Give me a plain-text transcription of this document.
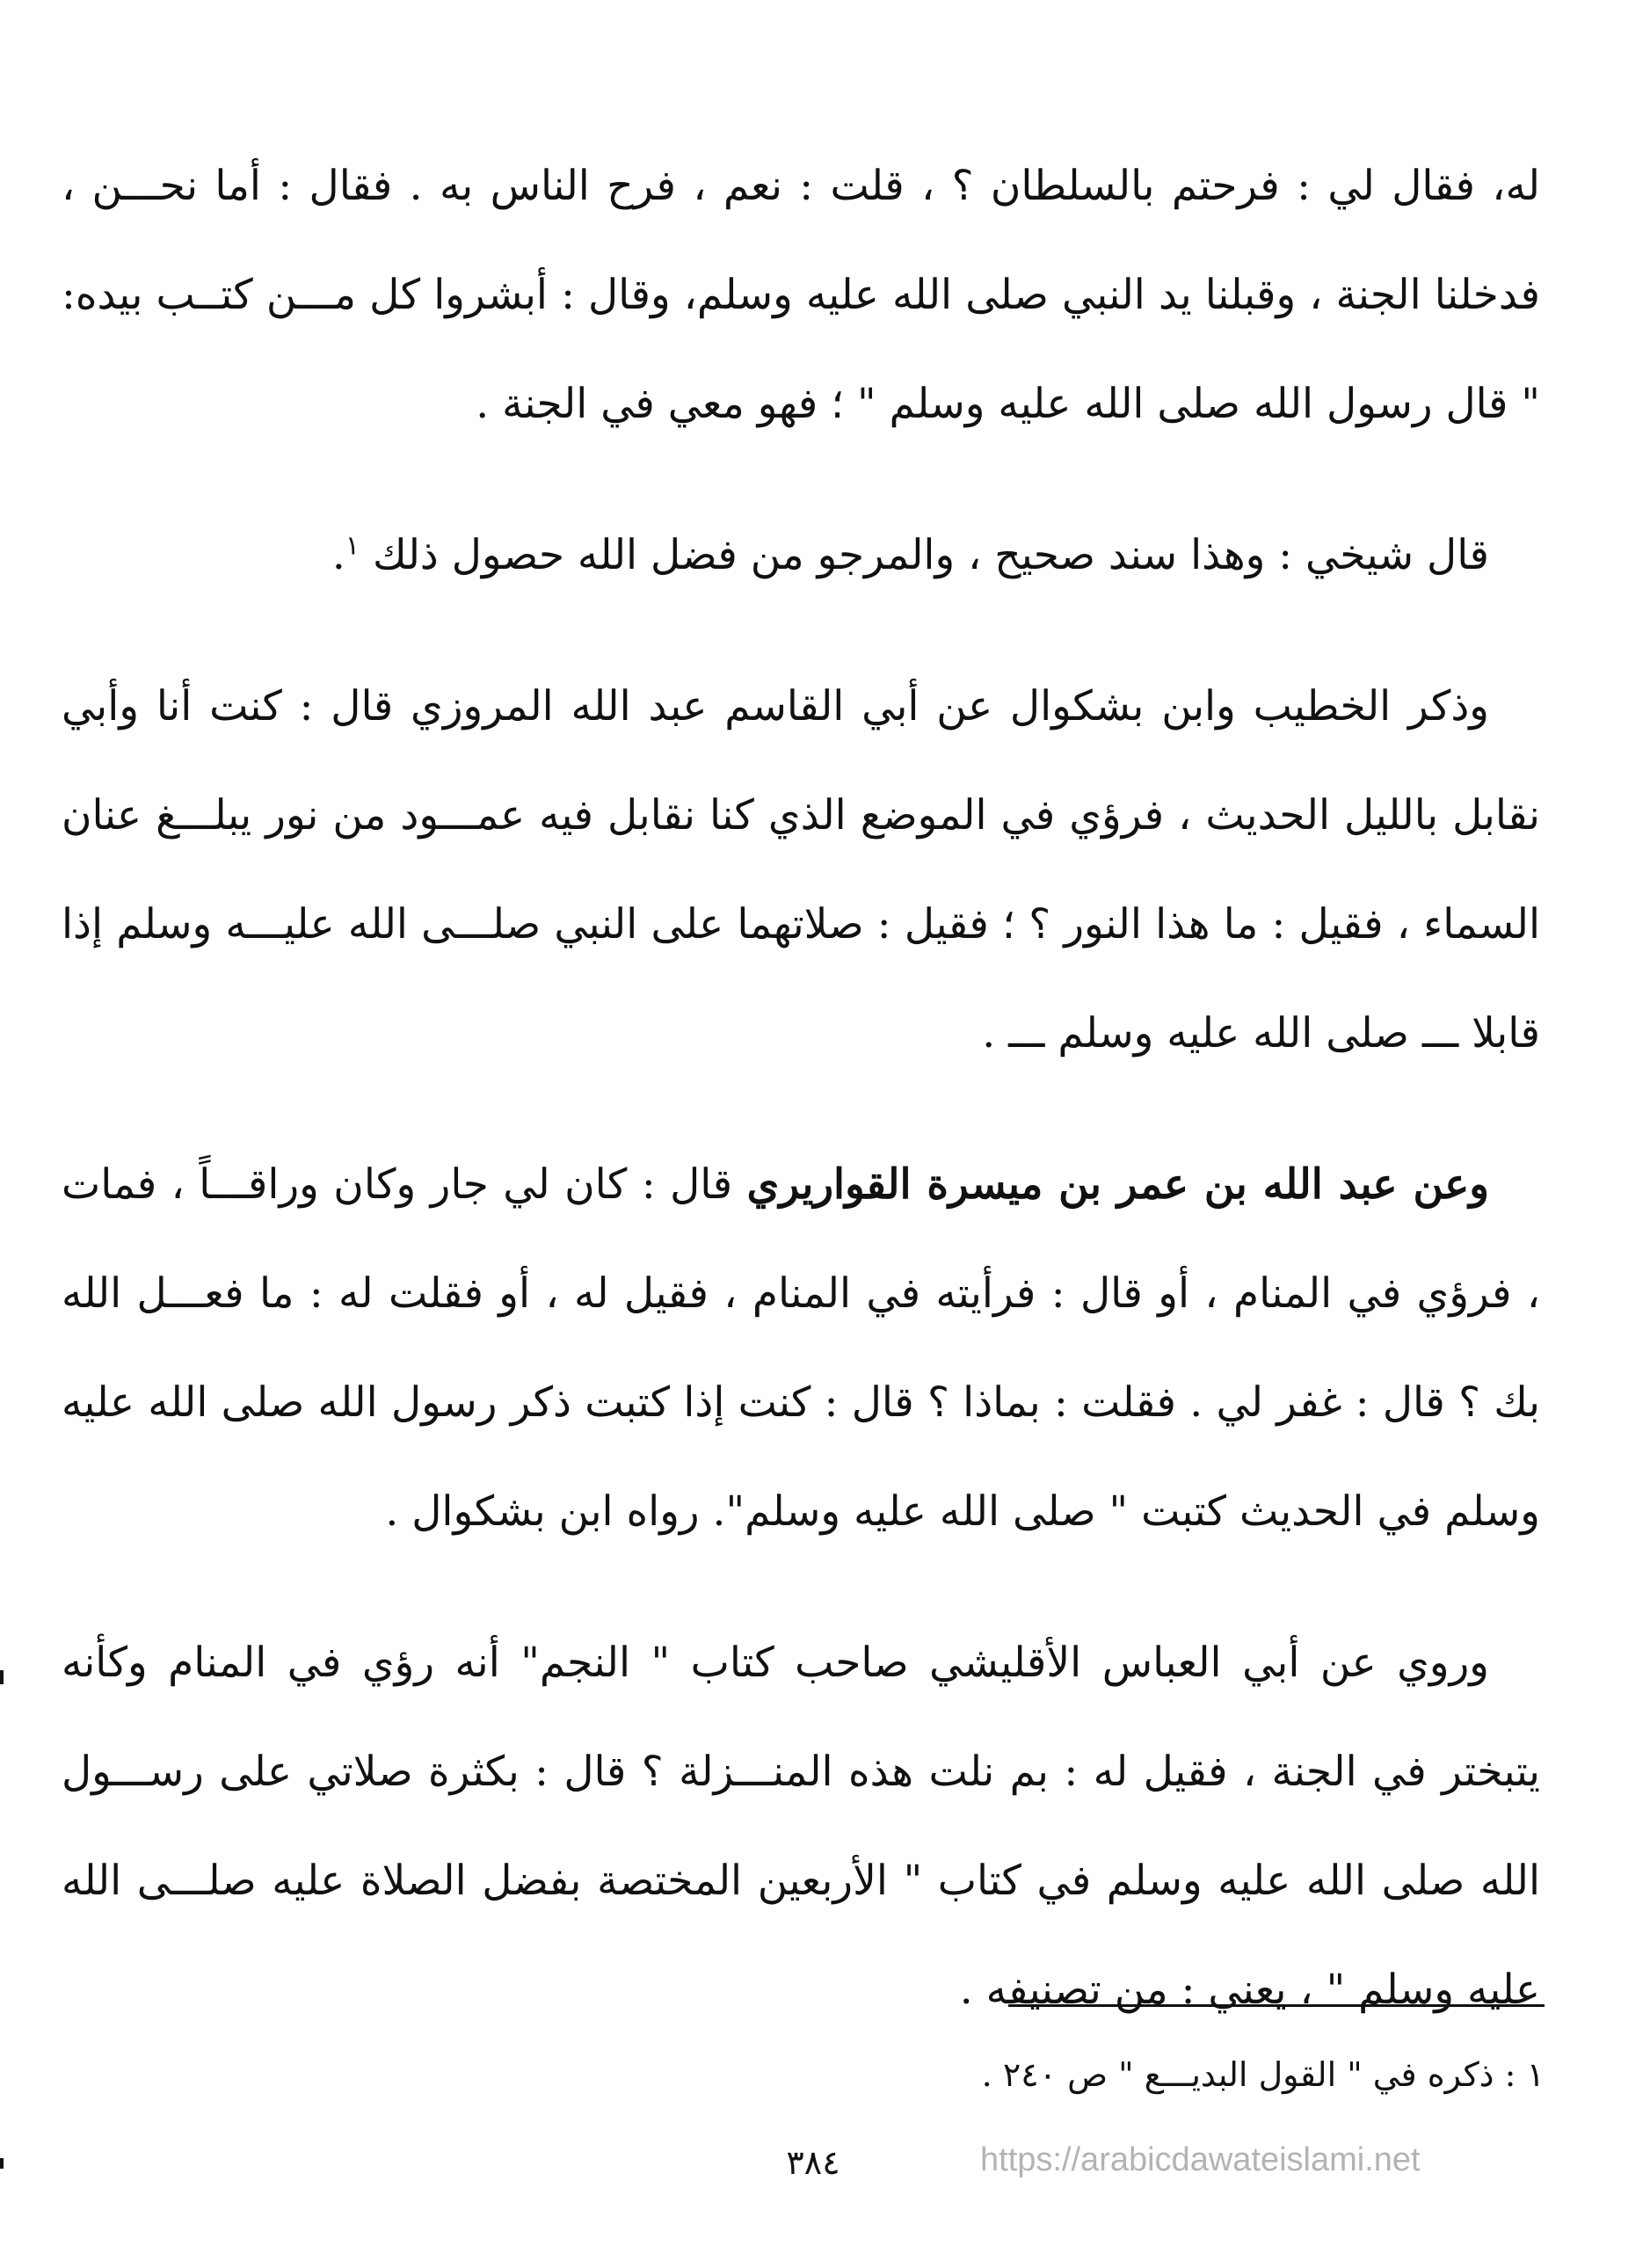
له، فقال لي : فرحتم بالسلطان ؟ ، قلت : نعم ، فرح الناس به . فقال : أما نحـــن ، فدخلنا الجنة ، وقبلنا يد النبي صلى الله عليه وسلم، وقال : أبشروا كل مـــن كتــب بيده: " قال رسول الله صلى الله عليه وسلم " ؛ فهو معي في الجنة .

قال شيخي : وهذا سند صحيح ، والمرجو من فضل الله حصول ذلك $^١$.

وذكر الخطيب وابن بشكوال عن أبي القاسم عبد الله المروزي قال : كنت أنا وأبي نقابل بالليل الحديث ، فرؤي في الموضع الذي كنا نقابل فيه عمـــود من نور يبلـــغ عنان السماء ، فقيل : ما هذا النور ؟ ؛ فقيل : صلاتهما على النبي صلـــى الله عليـــه وسلم إذا قابلا ـــ صلى الله عليه وسلم ـــ .

وعن عبد الله بن عمر بن ميسرة القواريري قال : كان لي جار وكان وراقـــاً ، فمات ، فرؤي في المنام ، أو قال : فرأيته في المنام ، فقيل له ، أو فقلت له : ما فعـــل الله بك ؟ قال : غفر لي . فقلت : بماذا ؟ قال : كنت إذا كتبت ذكر رسول الله صلى الله عليه وسلم في الحديث كتبت " صلى الله عليه وسلم". رواه ابن بشكوال .

وروي عن أبي العباس الأقليشي صاحب كتاب " النجم" أنه رؤي في المنام وكأنه يتبختر في الجنة ، فقيل له : بم نلت هذه المنـــزلة ؟ قال : بكثرة صلاتي على رســـول الله صلى الله عليه وسلم في كتاب " الأربعين المختصة بفضل الصلاة عليه صلـــى الله عليه وسلم " ، يعني : من تصنيفه .

١ : ذكره في " القول البديـــع " ص ٢٤٠ .
٣٨٤	https://arabicdawateislami.net
